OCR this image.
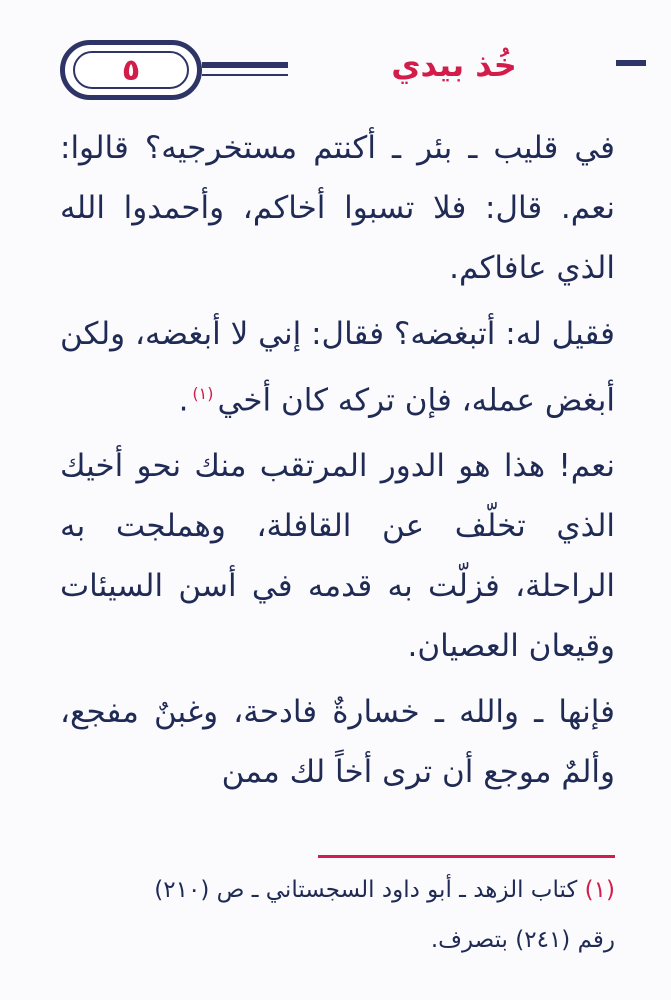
٥	خُذ بيدي

في قليب ـ بئر ـ أكنتم مستخرجيه؟ قالوا: نعم. قال: فلا تسبوا أخاكم، وأحمدوا الله الذي عافاكم.

فقيل له: أتبغضه؟ فقال: إني لا أبغضه، ولكن أبغض عمله، فإن تركه كان أخي$^{(١)}$.

نعم! هذا هو الدور المرتقب منك نحو أخيك الذي تخلّف عن القافلة، وهملجت به الراحلة، فزلّت به قدمه في أسن السيئات وقيعان العصيان.

فإنها ـ والله ـ خسارةٌ فادحة، وغبنٌ مفجع، وألمٌ موجع أن ترى أخاً لك ممن

(١) كتاب الزهد ـ أبو داود السجستاني ـ ص (٢١٠)

رقم (٢٤١) بتصرف.
